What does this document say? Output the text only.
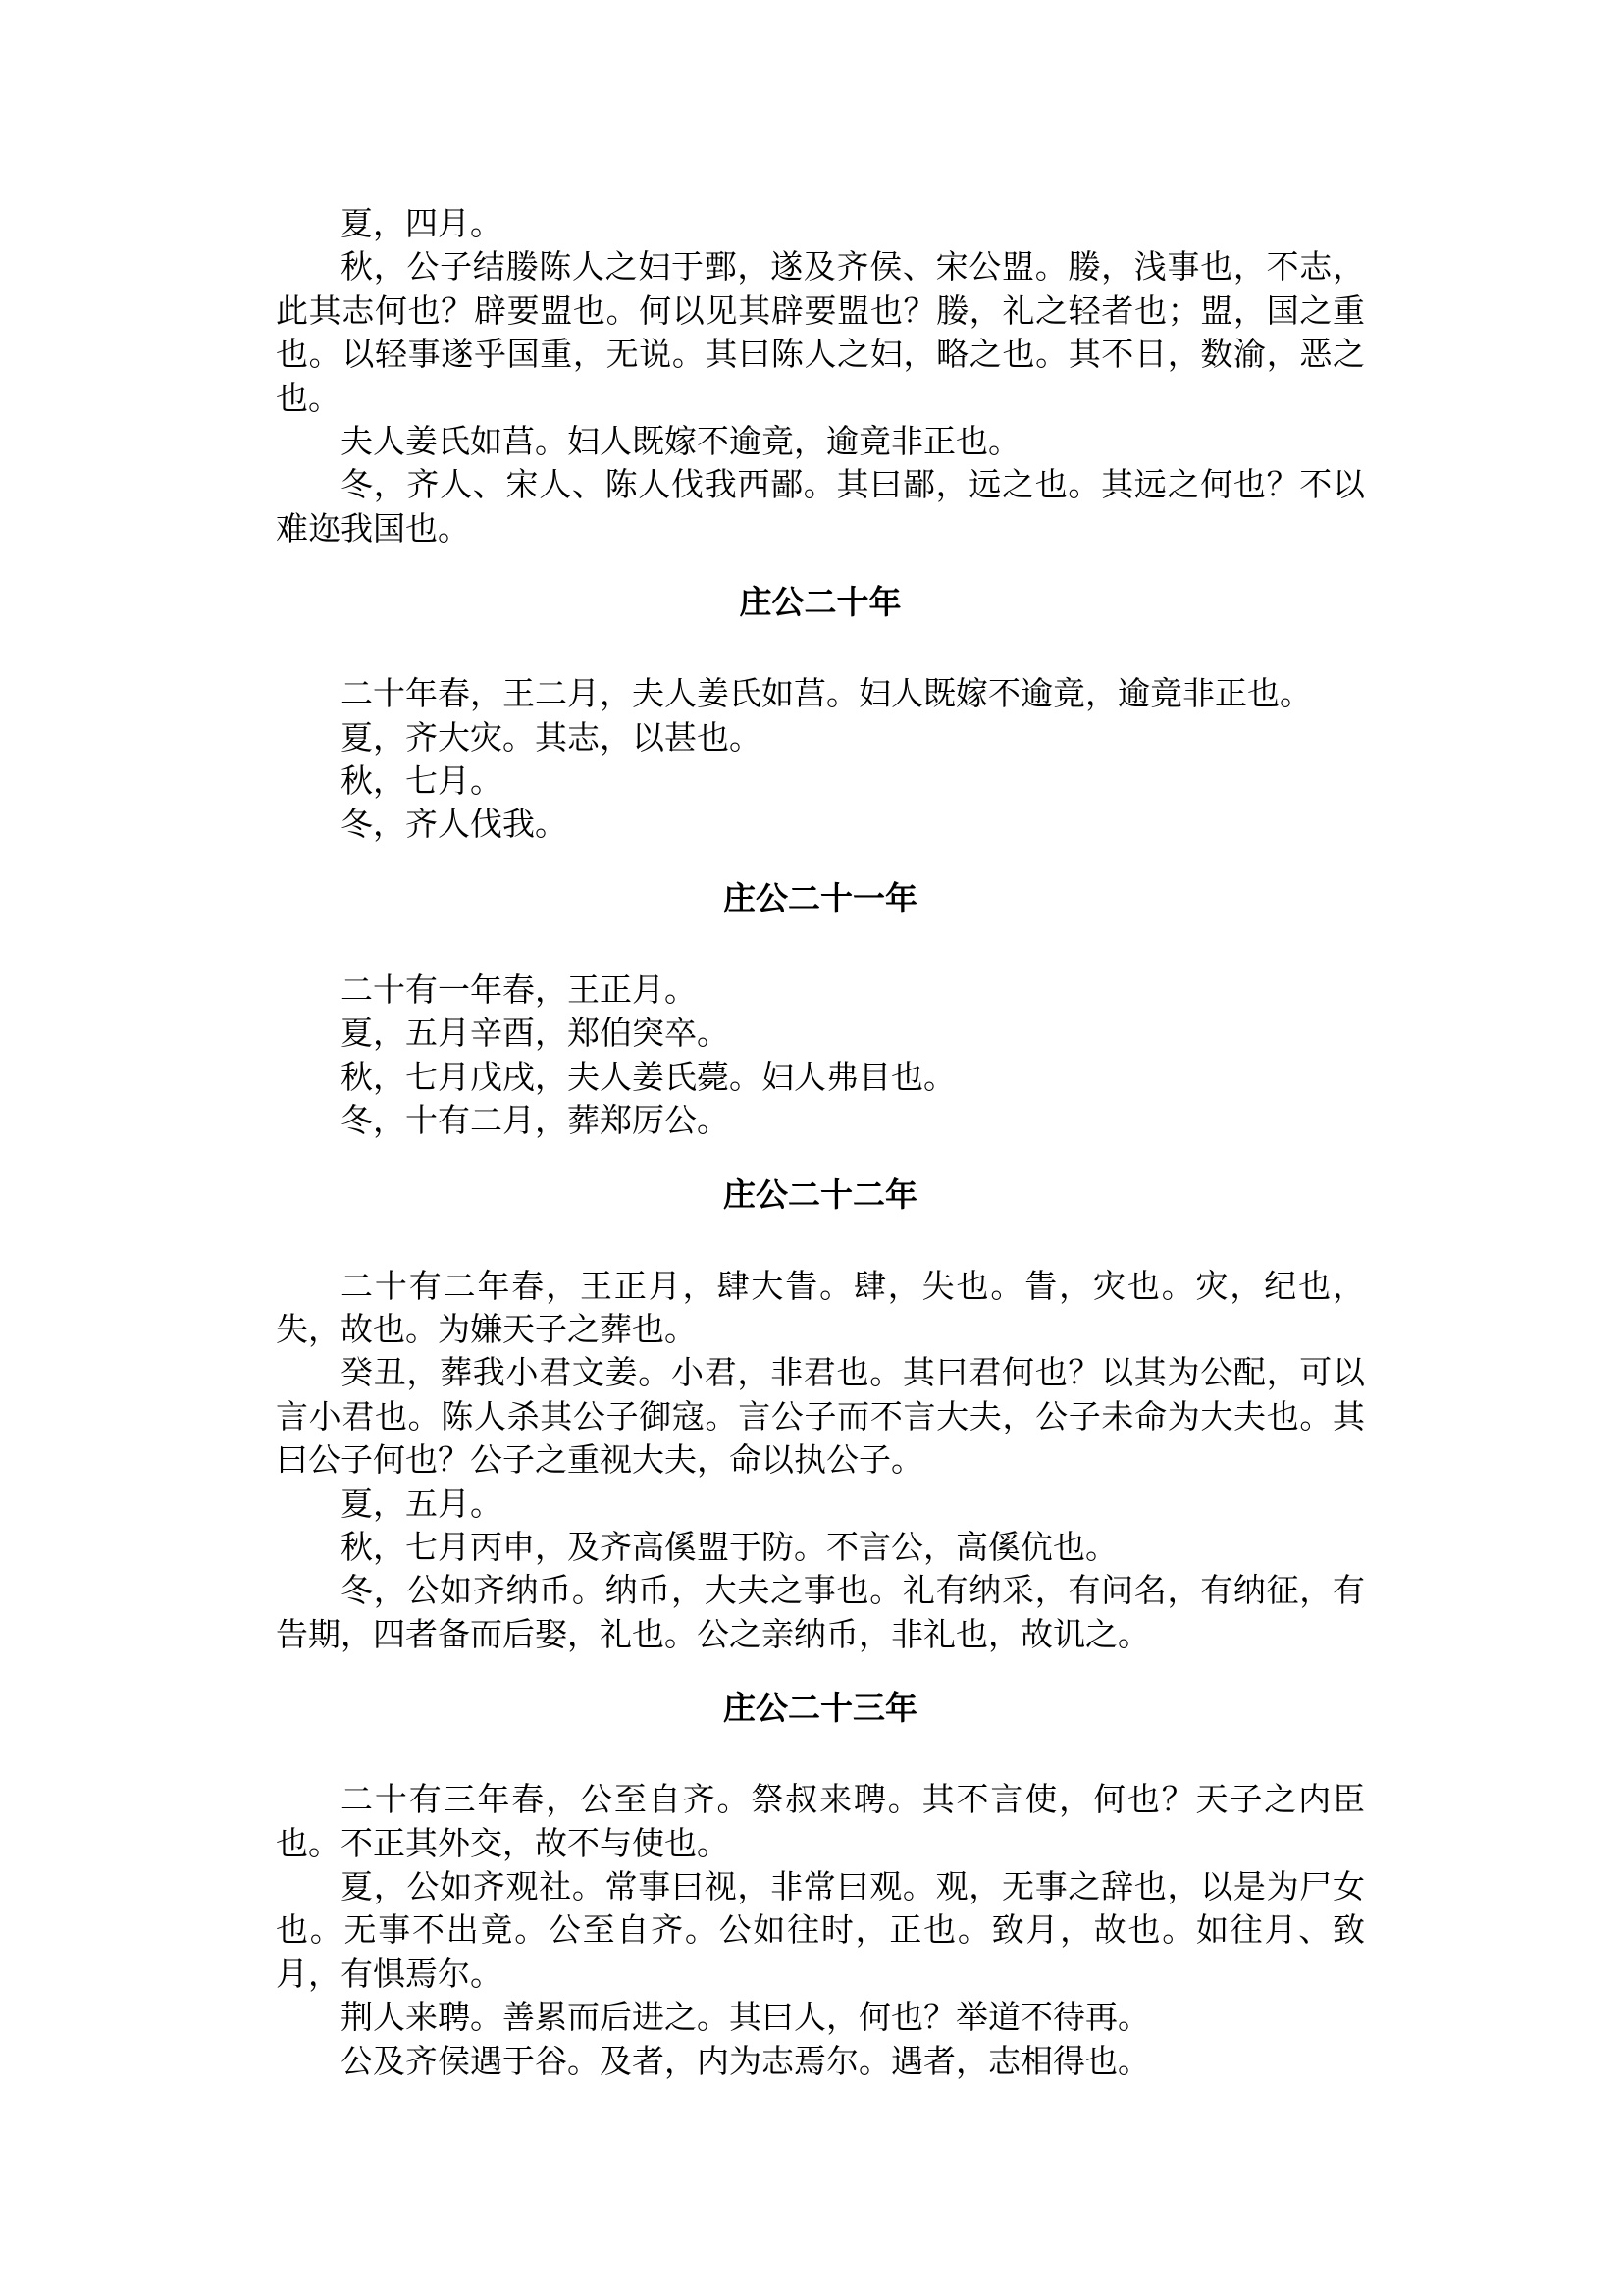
夏，四月。

秋，公子结媵陈人之妇于鄄，遂及齐侯、宋公盟。媵，浅事也，不志，此其志何也？辟要盟也。何以见其辟要盟也？媵，礼之轻者也；盟，国之重也。以轻事遂乎国重，无说。其曰陈人之妇，略之也。其不日，数渝，恶之也。

夫人姜氏如莒。妇人既嫁不逾竟，逾竟非正也。

冬，齐人、宋人、陈人伐我西鄙。其曰鄙，远之也。其远之何也？不以难迩我国也。

庄公二十年

二十年春，王二月，夫人姜氏如莒。妇人既嫁不逾竟，逾竟非正也。

夏，齐大灾。其志，以甚也。

秋，七月。

冬，齐人伐我。

庄公二十一年

二十有一年春，王正月。

夏，五月辛酉，郑伯突卒。

秋，七月戊戌，夫人姜氏薨。妇人弗目也。

冬，十有二月，葬郑厉公。

庄公二十二年

二十有二年春，王正月，肆大眚。肆，失也。眚，灾也。灾，纪也，失，故也。为嫌天子之葬也。

癸丑，葬我小君文姜。小君，非君也。其曰君何也？以其为公配，可以言小君也。陈人杀其公子御寇。言公子而不言大夫，公子未命为大夫也。其曰公子何也？公子之重视大夫，命以执公子。

夏，五月。

秋，七月丙申，及齐高傒盟于防。不言公，高傒伉也。

冬，公如齐纳币。纳币，大夫之事也。礼有纳采，有问名，有纳征，有告期，四者备而后娶，礼也。公之亲纳币，非礼也，故讥之。

庄公二十三年

二十有三年春，公至自齐。祭叔来聘。其不言使，何也？天子之内臣也。不正其外交，故不与使也。

夏，公如齐观社。常事曰视，非常曰观。观，无事之辞也，以是为尸女也。无事不出竟。公至自齐。公如往时，正也。致月，故也。如往月、致月，有惧焉尔。

荆人来聘。善累而后进之。其曰人，何也？举道不待再。

公及齐侯遇于谷。及者，内为志焉尔。遇者，志相得也。
